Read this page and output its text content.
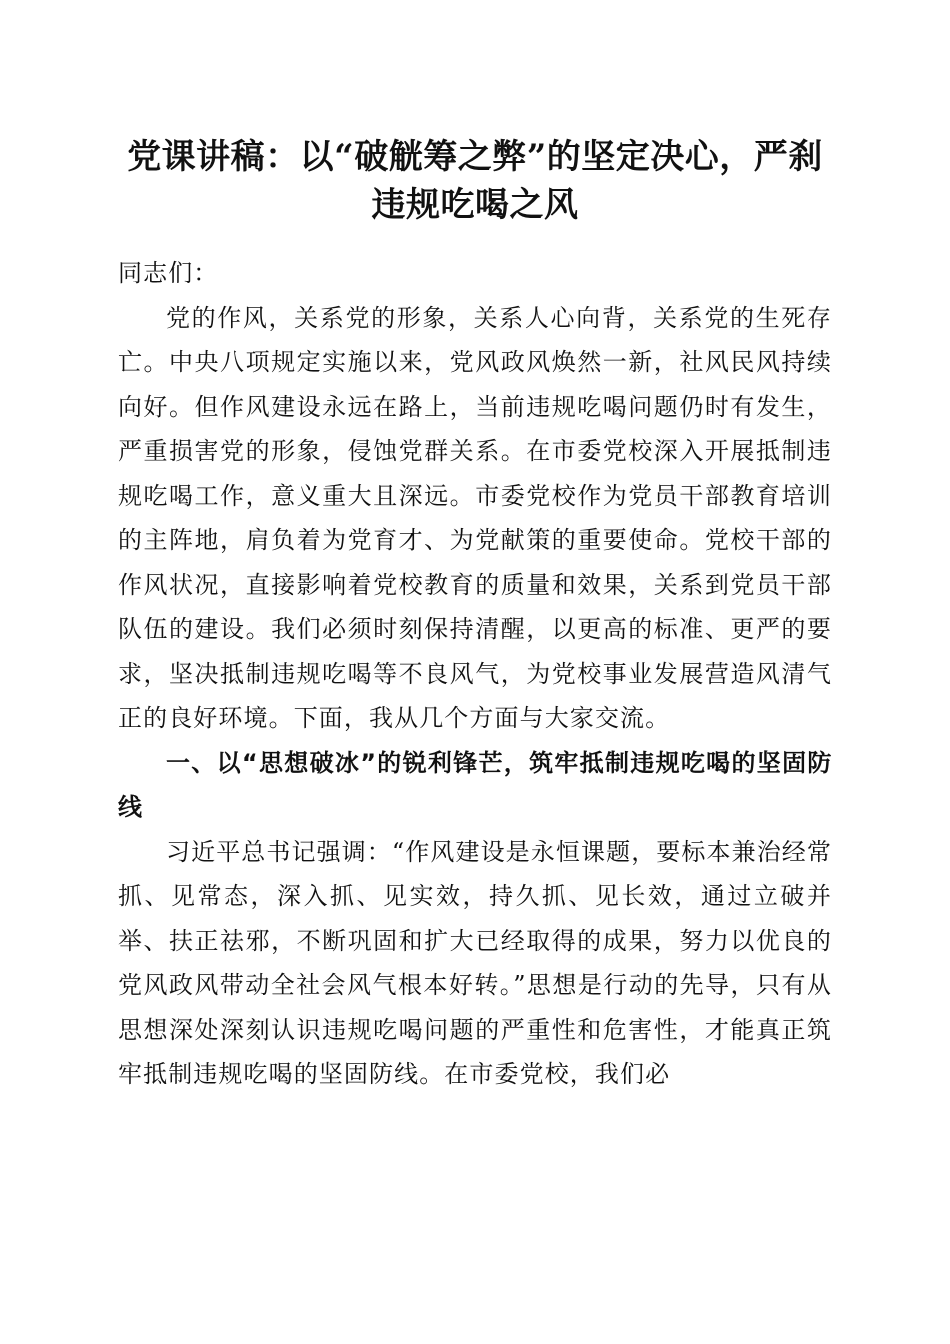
党课讲稿：以“破觥筹之弊”的坚定决心，严刹违规吃喝之风

同志们：

党的作风，关系党的形象，关系人心向背，关系党的生死存亡。中央八项规定实施以来，党风政风焕然一新，社风民风持续向好。但作风建设永远在路上，当前违规吃喝问题仍时有发生，严重损害党的形象，侵蚀党群关系。在市委党校深入开展抵制违规吃喝工作，意义重大且深远。市委党校作为党员干部教育培训的主阵地，肩负着为党育才、为党献策的重要使命。党校干部的作风状况，直接影响着党校教育的质量和效果，关系到党员干部队伍的建设。我们必须时刻保持清醒，以更高的标准、更严的要求，坚决抵制违规吃喝等不良风气，为党校事业发展营造风清气正的良好环境。下面，我从几个方面与大家交流。

一、以“思想破冰”的锐利锋芒，筑牢抵制违规吃喝的坚固防线

习近平总书记强调：“作风建设是永恒课题，要标本兼治经常抓、见常态，深入抓、见实效，持久抓、见长效，通过立破并举、扶正祛邪，不断巩固和扩大已经取得的成果，努力以优良的党风政风带动全社会风气根本好转。”思想是行动的先导，只有从思想深处深刻认识违规吃喝问题的严重性和危害性，才能真正筑牢抵制违规吃喝的坚固防线。在市委党校，我们必
